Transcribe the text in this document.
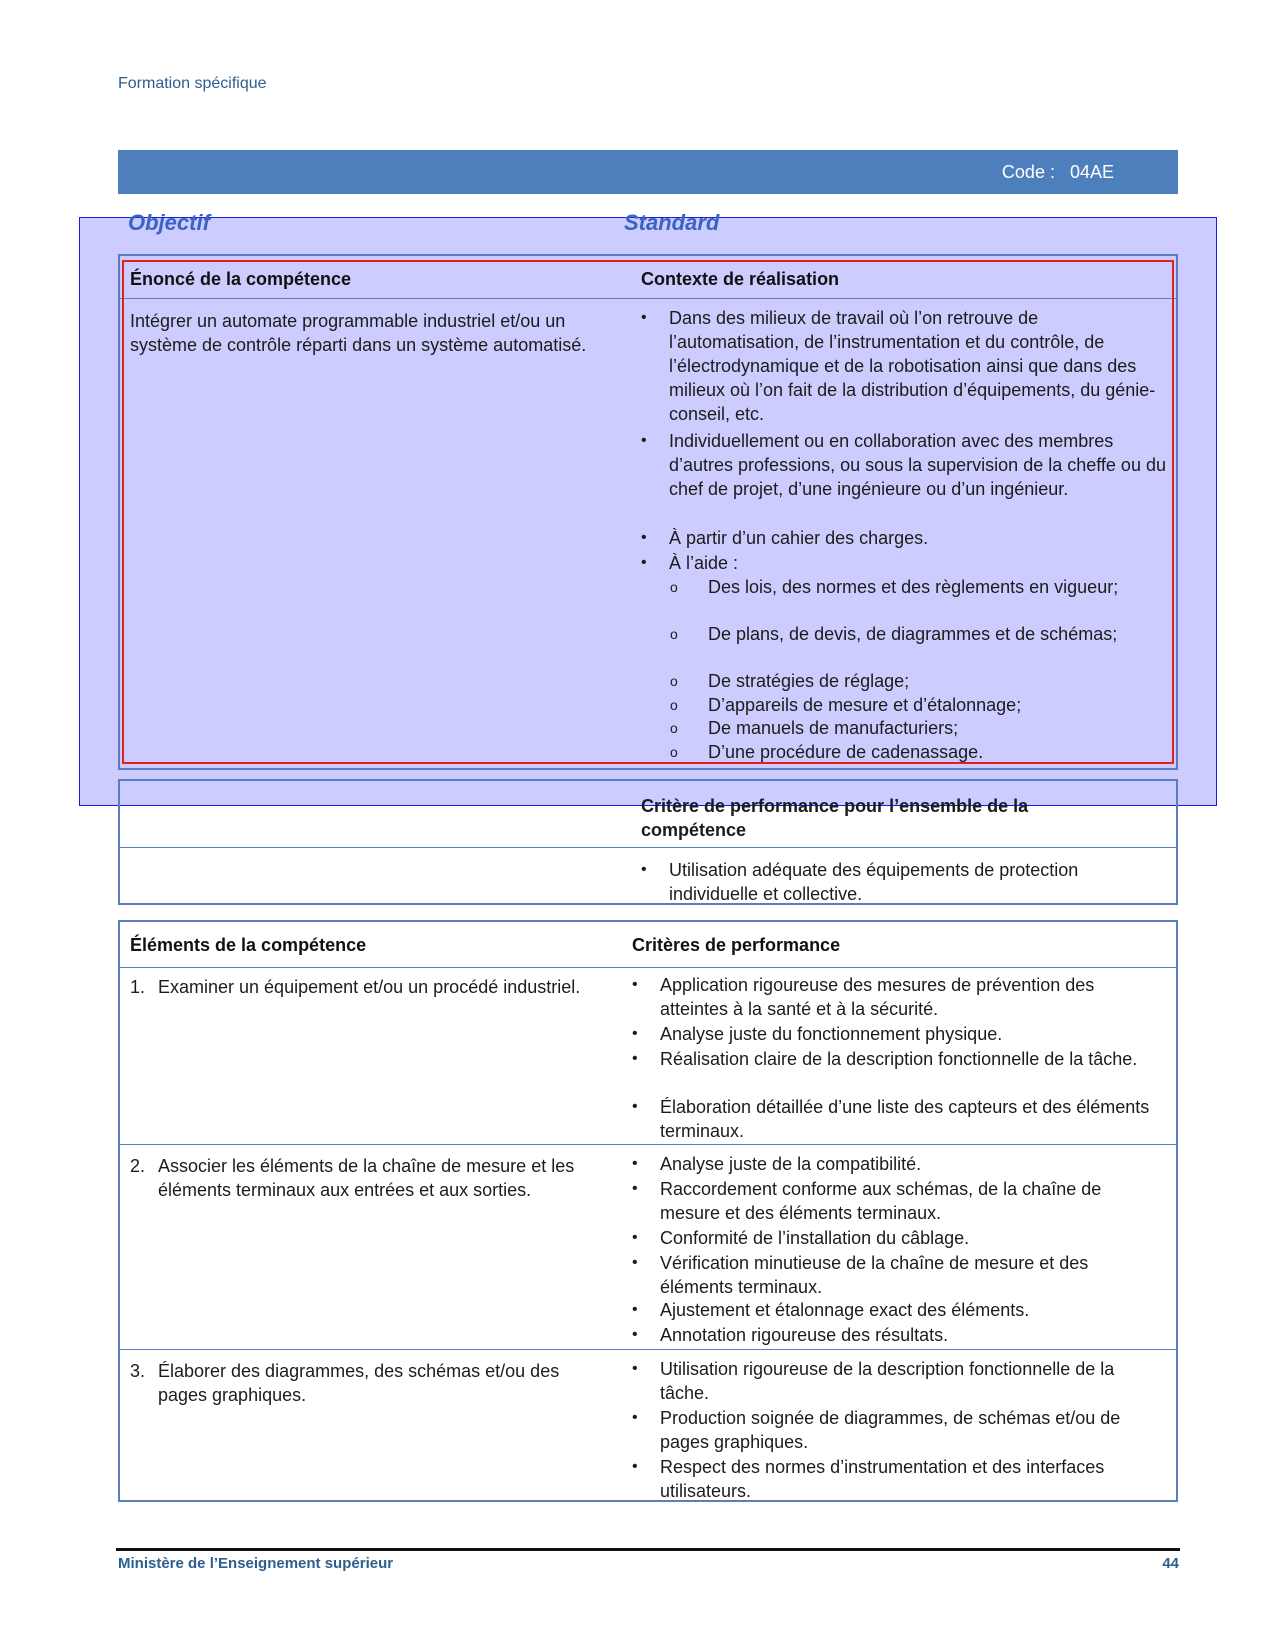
Formation spécifique
Code :   04AE
Objectif	Standard
Énoncé de la compétence	Contexte de réalisation
Intégrer un automate programmable industriel et/ou un système de contrôle réparti dans un système automatisé.
•	Dans des milieux de travail où l’on retrouve de l’automatisation, de l’instrumentation et du contrôle, de l’électrodynamique et de la robotisation ainsi que dans des milieux où l’on fait de la distribution d’équipements, du génie-conseil, etc.
•	Individuellement ou en collaboration avec des membres d’autres professions, ou sous la supervision de la cheffe ou du chef de projet, d’une ingénieure ou d’un ingénieur.
•	À partir d’un cahier des charges.
•	À l’aide :
o Des lois, des normes et des règlements en vigueur;
o De plans, de devis, de diagrammes et de schémas;
o De stratégies de réglage;
o D’appareils de mesure et d’étalonnage;
o De manuels de manufacturiers;
o D’une procédure de cadenassage.
Critère de performance pour l’ensemble de la compétence
•	Utilisation adéquate des équipements de protection individuelle et collective.
Éléments de la compétence	Critères de performance
1. Examiner un équipement et/ou un procédé industriel.	•	Application rigoureuse des mesures de prévention des atteintes à la santé et à la sécurité.
•	Analyse juste du fonctionnement physique.
•	Réalisation claire de la description fonctionnelle de la tâche.
•	Élaboration détaillée d’une liste des capteurs et des éléments terminaux.
2. Associer les éléments de la chaîne de mesure et les éléments terminaux aux entrées et aux sorties.
•	Analyse juste de la compatibilité.
•	Raccordement conforme aux schémas, de la chaîne de mesure et des éléments terminaux.
•	Conformité de l’installation du câblage.
•	Vérification minutieuse de la chaîne de mesure et des éléments terminaux.
•	Ajustement et étalonnage exact des éléments.
•	Annotation rigoureuse des résultats.
3. Élaborer des diagrammes, des schémas et/ou des pages graphiques.
•	Utilisation rigoureuse de la description fonctionnelle de la tâche.
•	Production soignée de diagrammes, de schémas et/ou de pages graphiques.
•	Respect des normes d’instrumentation et des interfaces utilisateurs.
Ministère de l’Enseignement supérieur	44
